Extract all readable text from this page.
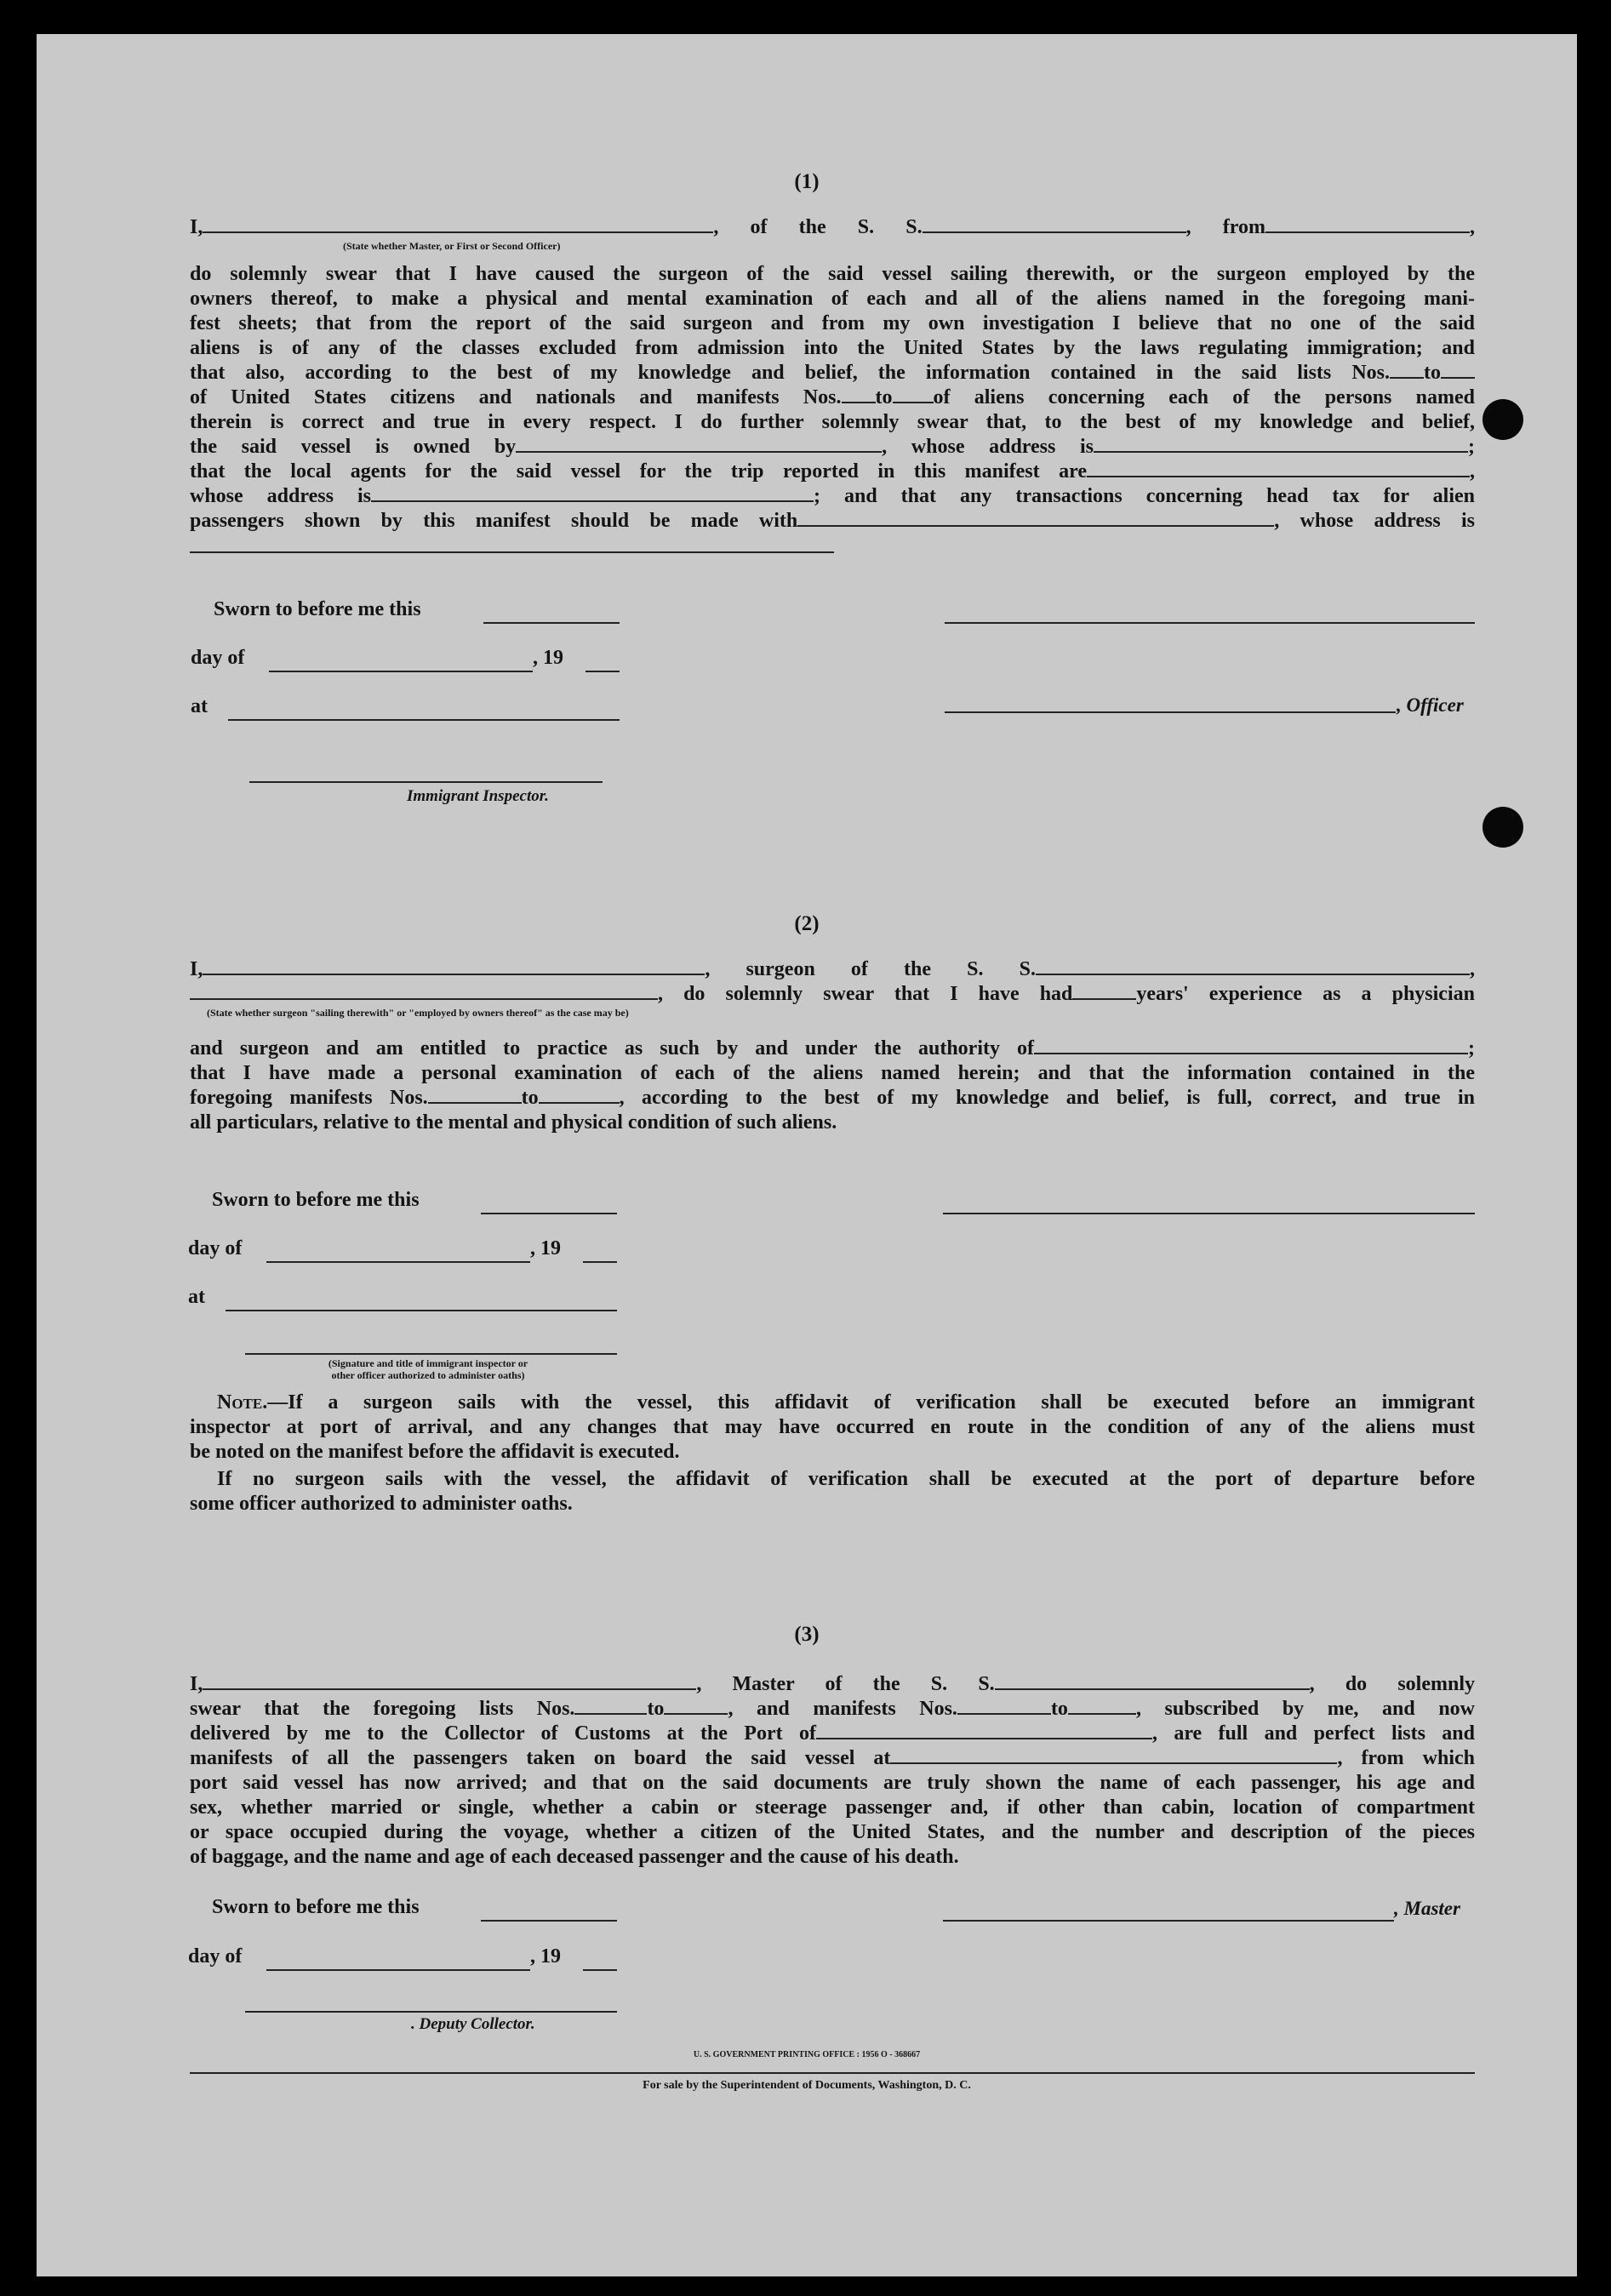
(1)
I,	, of the S. S.	, from	,
(State whether Master, or First or Second Officer)
do solemnly swear that I have caused the surgeon of the said vessel sailing therewith, or the surgeon employed by the
owners thereof, to make a physical and mental examination of each and all of the aliens named in the foregoing mani-
fest sheets; that from the report of the said surgeon and from my own investigation I believe that no one of the said
aliens is of any of the classes excluded from admission into the United States by the laws regulating immigration; and
that also, according to the best of my knowledge and belief, the information contained in the said lists Nos. to
of United States citizens and nationals and manifests Nos. to of aliens concerning each of the persons named
therein is correct and true in every respect. I do further solemnly swear that, to the best of my knowledge and belief,
the said vessel is owned by	, whose address is	;
that the local agents for the said vessel for the trip reported in this manifest are	,
whose address is	; and that any transactions concerning head tax for alien
passengers shown by this manifest should be made with	, whose address is
Sworn to before me this
day of	, 19
, Officer
at
Immigrant Inspector.
(2)
I,	, surgeon of the S. S.	,
, do solemnly swear that I have had	years' experience as a physician
(State whether surgeon "sailing therewith" or "employed by owners thereof" as the case may be)
and surgeon and am entitled to practice as such by and under the authority of	;
that I have made a personal examination of each of the aliens named herein; and that the information contained in the
foregoing manifests Nos.	to	, according to the best of my knowledge and belief, is full, correct, and true in
all particulars, relative to the mental and physical condition of such aliens.
Sworn to before me this
day of	, 19
at
(Signature and title of immigrant inspector or
other officer authorized to administer oaths)
Note.—If a surgeon sails with the vessel, this affidavit of verification shall be executed before an immigrant
inspector at port of arrival, and any changes that may have occurred en route in the condition of any of the aliens must
be noted on the manifest before the affidavit is executed.
If no surgeon sails with the vessel, the affidavit of verification shall be executed at the port of departure before
some officer authorized to administer oaths.
(3)
I,	, Master of the S. S.	, do solemnly
swear that the foregoing lists Nos.	to	, and manifests Nos.	to	, subscribed by me, and now
delivered by me to the Collector of Customs at the Port of	, are full and perfect lists and
manifests of all the passengers taken on board the said vessel at	, from which
port said vessel has now arrived; and that on the said documents are truly shown the name of each passenger, his age and
sex, whether married or single, whether a cabin or steerage passenger and, if other than cabin, location of compartment
or space occupied during the voyage, whether a citizen of the United States, and the number and description of the pieces
of baggage, and the name and age of each deceased passenger and the cause of his death.
Sworn to before me this	, Master
day of	, 19
. Deputy Collector.
U. S. GOVERNMENT PRINTING OFFICE : 1956 O - 368667
For sale by the Superintendent of Documents, Washington, D. C.
